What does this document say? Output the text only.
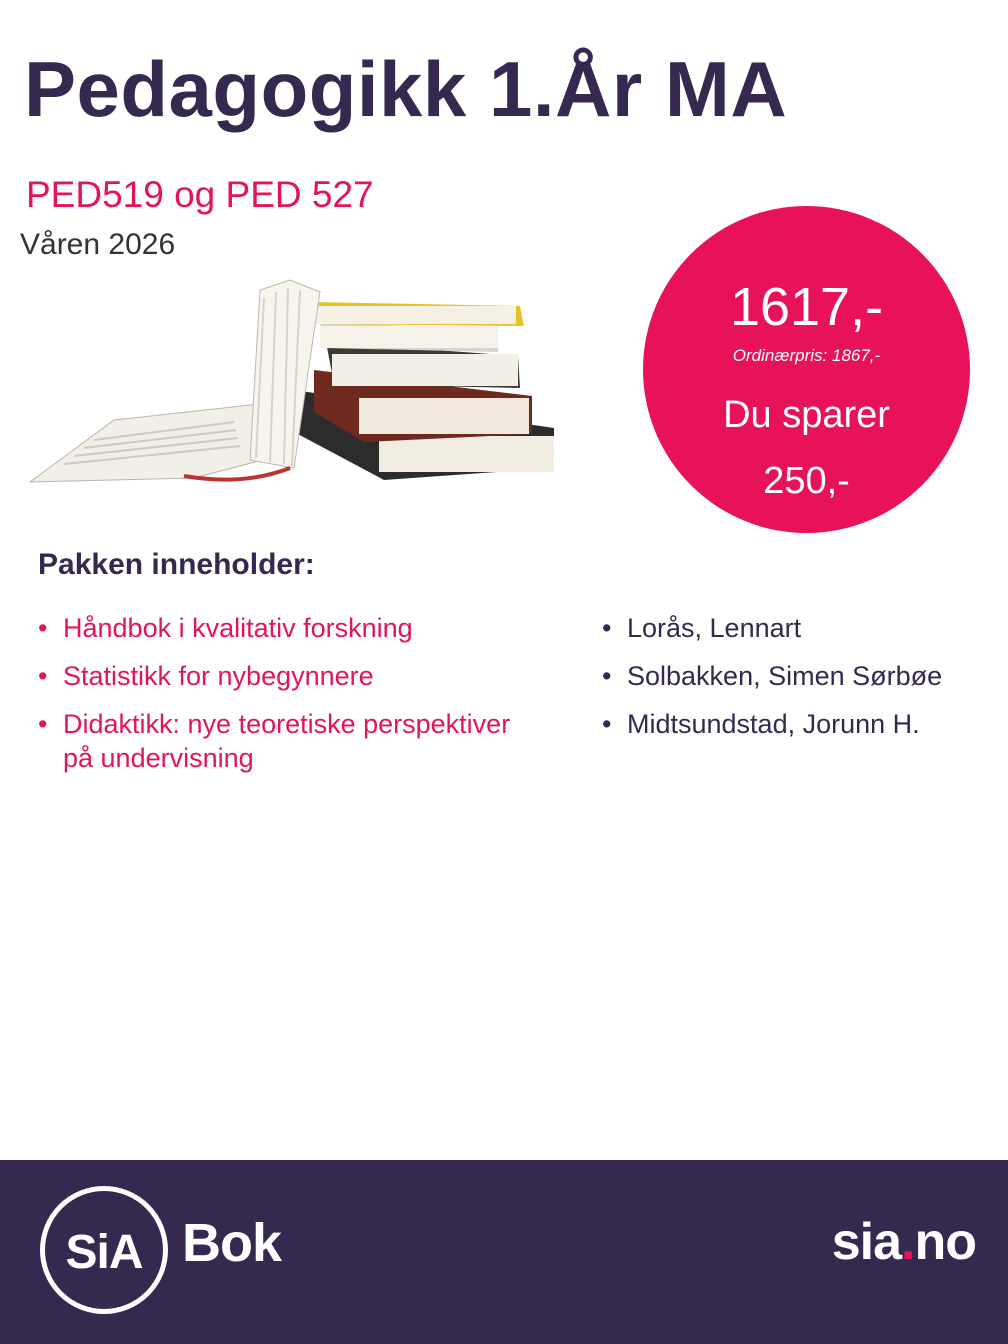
Pedagogikk 1.År MA
PED519 og PED 527
Våren 2026
1617,-
Ordinærpris: 1867,-
Du sparer
250,-
Pakken inneholder:
• Håndbok i kvalitativ forskning
• Statistikk for nybegynnere
• Didaktikk: nye teoretiske perspektiver på undervisning
• Lorås, Lennart
• Solbakken, Simen Sørbøe
• Midtsundstad, Jorunn H.
SiA Bok	sia.no
